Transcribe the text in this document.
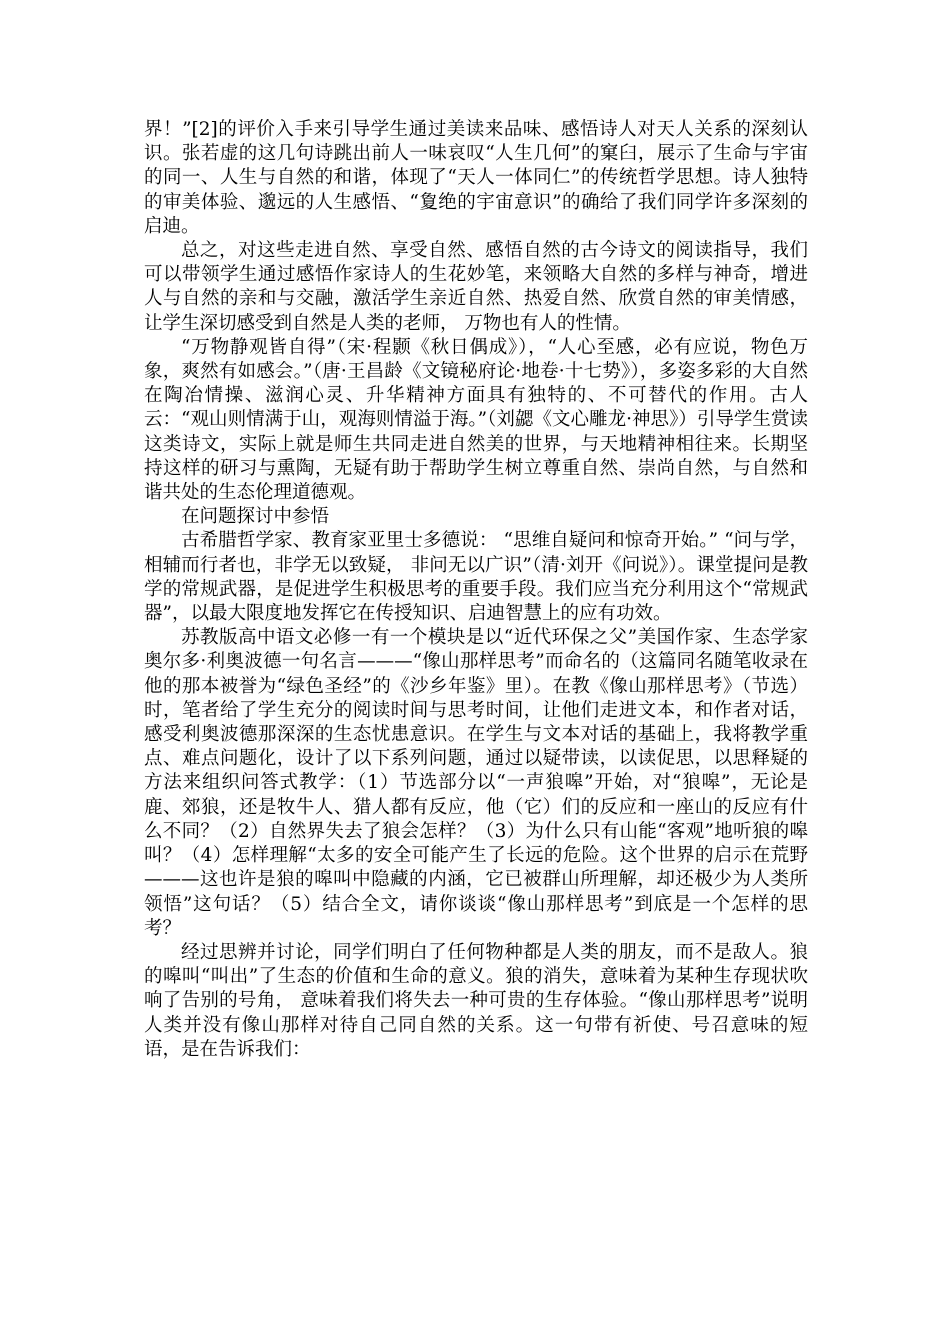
界！”[2]的评价入手来引导学生通过美读来品味、感悟诗人对天人关系的深刻认识。张若虚的这几句诗跳出前人一味哀叹“人生几何”的窠臼，展示了生命与宇宙的同一、人生与自然的和谐，体现了“天人一体同仁”的传统哲学思想。诗人独特的审美体验、邈远的人生感悟、“夐绝的宇宙意识”的确给了我们同学许多深刻的启迪。

总之，对这些走进自然、享受自然、感悟自然的古今诗文的阅读指导，我们可以带领学生通过感悟作家诗人的生花妙笔，来领略大自然的多样与神奇，增进人与自然的亲和与交融，激活学生亲近自然、热爱自然、欣赏自然的审美情感，让学生深切感受到自然是人类的老师， 万物也有人的性情。

“万物静观皆自得”（宋·程颢《秋日偶成》），“人心至感，必有应说，物色万象，爽然有如感会。”（唐·王昌龄《文镜秘府论·地卷·十七势》），多姿多彩的大自然在陶冶情操、滋润心灵、升华精神方面具有独特的、不可替代的作用。古人云：“观山则情满于山，观海则情溢于海。”（刘勰《文心雕龙·神思》）引导学生赏读这类诗文，实际上就是师生共同走进自然美的世界，与天地精神相往来。长期坚持这样的研习与熏陶，无疑有助于帮助学生树立尊重自然、崇尚自然，与自然和谐共处的生态伦理道德观。

在问题探讨中参悟

古希腊哲学家、教育家亚里士多德说： “思维自疑问和惊奇开始。” “问与学， 相辅而行者也，非学无以致疑， 非问无以广识”（清·刘开《问说》）。课堂提问是教学的常规武器，是促进学生积极思考的重要手段。我们应当充分利用这个“常规武器”，以最大限度地发挥它在传授知识、启迪智慧上的应有功效。

苏教版高中语文必修一有一个模块是以“近代环保之父”美国作家、生态学家奥尔多·利奥波德一句名言———“像山那样思考”而命名的（这篇同名随笔收录在他的那本被誉为“绿色圣经”的《沙乡年鉴》里）。在教《像山那样思考》（节选）时，笔者给了学生充分的阅读时间与思考时间，让他们走进文本，和作者对话，感受利奥波德那深深的生态忧患意识。在学生与文本对话的基础上，我将教学重点、难点问题化，设计了以下系列问题，通过以疑带读，以读促思，以思释疑的方法来组织问答式教学：（1）节选部分以“一声狼嗥”开始，对“狼嗥”，无论是鹿、郊狼，还是牧牛人、猎人都有反应，他（它）们的反应和一座山的反应有什么不同？（2）自然界失去了狼会怎样？（3）为什么只有山能“客观”地听狼的嗥叫？（4）怎样理解“太多的安全可能产生了长远的危险。这个世界的启示在荒野———这也许是狼的嗥叫中隐藏的内涵，它已被群山所理解，却还极少为人类所领悟”这句话？（5）结合全文，请你谈谈“像山那样思考”到底是一个怎样的思考？

经过思辨并讨论，同学们明白了任何物种都是人类的朋友，而不是敌人。狼的嗥叫“叫出”了生态的价值和生命的意义。狼的消失，意味着为某种生存现状吹响了告别的号角， 意味着我们将失去一种可贵的生存体验。“像山那样思考”说明人类并没有像山那样对待自己同自然的关系。这一句带有祈使、号召意味的短语，是在告诉我们：
